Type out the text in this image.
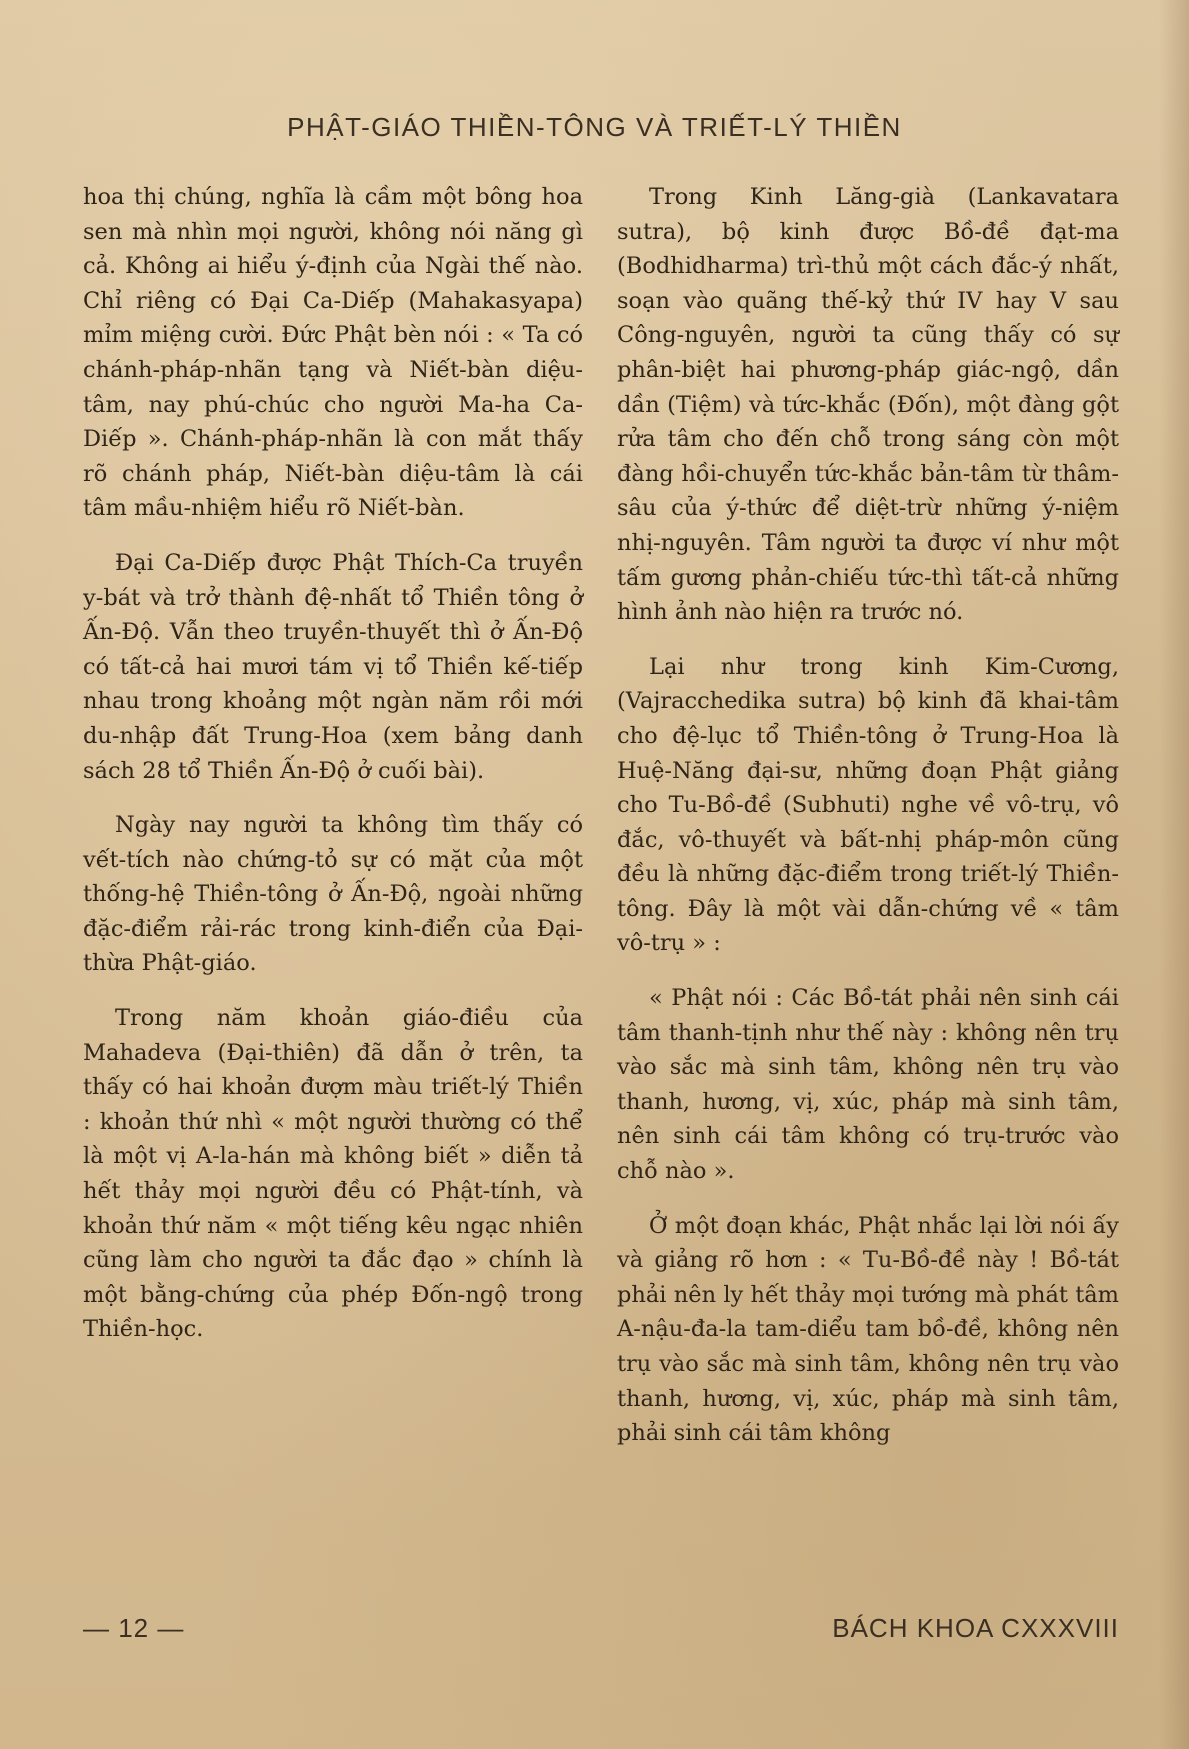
PHẬT-GIÁO THIỀN-TÔNG VÀ TRIẾT-LÝ THIỀN

hoa thị chúng, nghĩa là cầm một bông hoa sen mà nhìn mọi người, không nói năng gì cả. Không ai hiểu ý-định của Ngài thế nào. Chỉ riêng có Đại Ca-Diếp (Mahakasyapa) mỉm miệng cười. Đức Phật bèn nói : « Ta có chánh-pháp-nhãn tạng và Niết-bàn diệu-tâm, nay phú-chúc cho người Ma-ha Ca-Diếp ». Chánh-pháp-nhãn là con mắt thấy rõ chánh pháp, Niết-bàn diệu-tâm là cái tâm mầu-nhiệm hiểu rõ Niết-bàn.

Đại Ca-Diếp được Phật Thích-Ca truyền y-bát và trở thành đệ-nhất tổ Thiền tông ở Ấn-Độ. Vẫn theo truyền-thuyết thì ở Ấn-Độ có tất-cả hai mươi tám vị tổ Thiền kế-tiếp nhau trong khoảng một ngàn năm rồi mới du-nhập đất Trung-Hoa (xem bảng danh sách 28 tổ Thiền Ấn-Độ ở cuối bài).

Ngày nay người ta không tìm thấy có vết-tích nào chứng-tỏ sự có mặt của một thống-hệ Thiền-tông ở Ấn-Độ, ngoài những đặc-điểm rải-rác trong kinh-điển của Đại-thừa Phật-giáo.

Trong năm khoản giáo-điều của Mahadeva (Đại-thiên) đã dẫn ở trên, ta thấy có hai khoản đượm màu triết-lý Thiền : khoản thứ nhì « một người thường có thể là một vị A-la-hán mà không biết » diễn tả hết thảy mọi người đều có Phật-tính, và khoản thứ năm « một tiếng kêu ngạc nhiên cũng làm cho người ta đắc đạo » chính là một bằng-chứng của phép Đốn-ngộ trong Thiền-học.

Trong Kinh Lăng-già (Lankavatara sutra), bộ kinh được Bồ-đề đạt-ma (Bodhidharma) trì-thủ một cách đắc-ý nhất, soạn vào quãng thế-kỷ thứ IV hay V sau Công-nguyên, người ta cũng thấy có sự phân-biệt hai phương-pháp giác-ngộ, dần dần (Tiệm) và tức-khắc (Đốn), một đàng gột rửa tâm cho đến chỗ trong sáng còn một đàng hồi-chuyển tức-khắc bản-tâm từ thâm-sâu của ý-thức để diệt-trừ những ý-niệm nhị-nguyên. Tâm người ta được ví như một tấm gương phản-chiếu tức-thì tất-cả những hình ảnh nào hiện ra trước nó.

Lại như trong kinh Kim-Cương, (Vajracchedika sutra) bộ kinh đã khai-tâm cho đệ-lục tổ Thiền-tông ở Trung-Hoa là Huệ-Năng đại-sư, những đoạn Phật giảng cho Tu-Bồ-đề (Subhuti) nghe về vô-trụ, vô đắc, vô-thuyết và bất-nhị pháp-môn cũng đều là những đặc-điểm trong triết-lý Thiền-tông. Đây là một vài dẫn-chứng về « tâm vô-trụ » :

« Phật nói : Các Bồ-tát phải nên sinh cái tâm thanh-tịnh như thế này : không nên trụ vào sắc mà sinh tâm, không nên trụ vào thanh, hương, vị, xúc, pháp mà sinh tâm, nên sinh cái tâm không có trụ-trước vào chỗ nào ».

Ở một đoạn khác, Phật nhắc lại lời nói ấy và giảng rõ hơn : « Tu-Bồ-đề này ! Bồ-tát phải nên ly hết thảy mọi tướng mà phát tâm A-nậu-đa-la tam-diểu tam bồ-đề, không nên trụ vào sắc mà sinh tâm, không nên trụ vào thanh, hương, vị, xúc, pháp mà sinh tâm, phải sinh cái tâm không

— 12 —	BÁCH KHOA CXXXVIII
